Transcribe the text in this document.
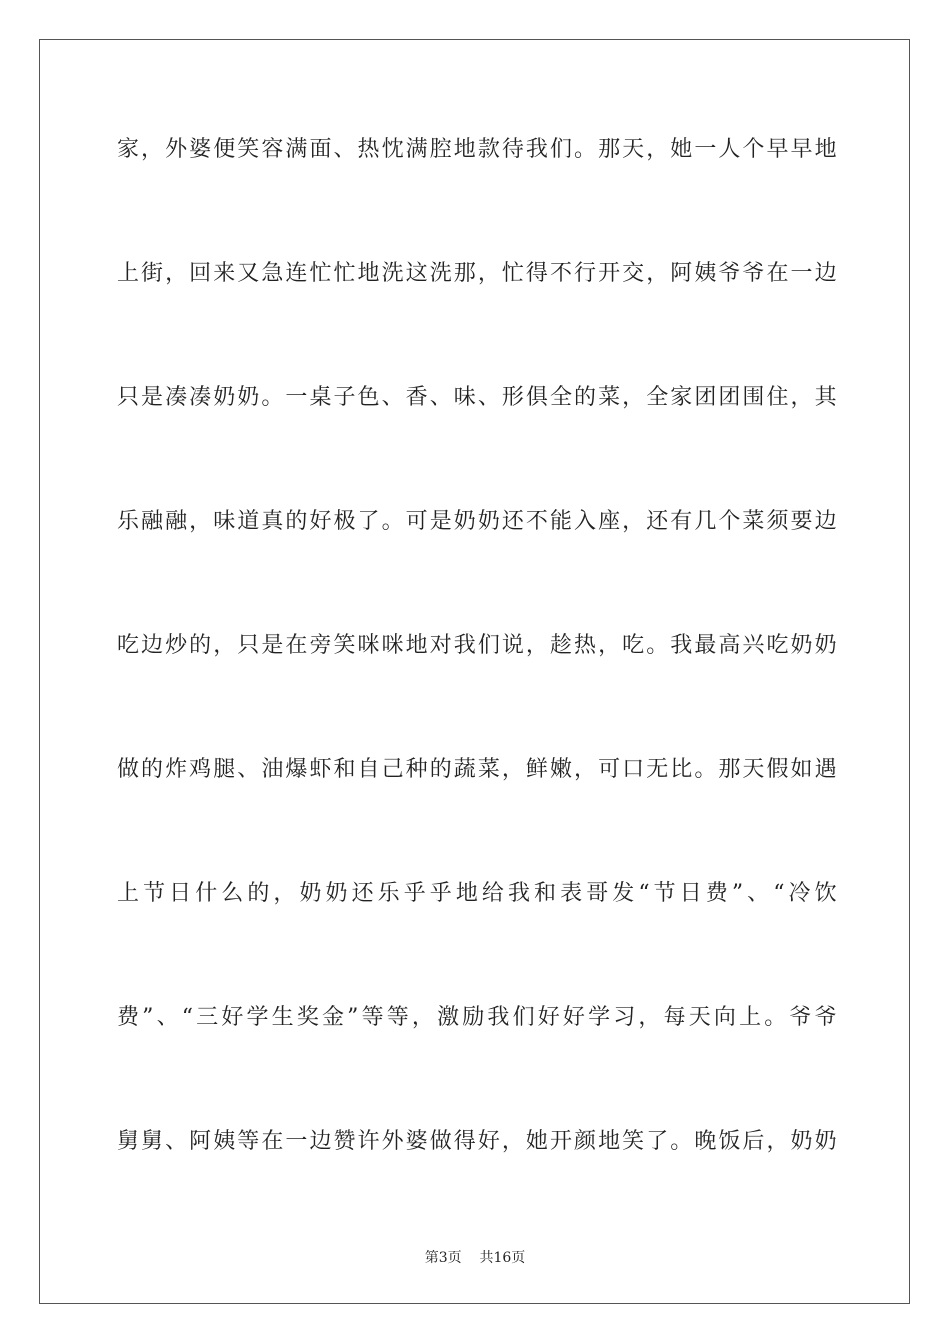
家，外婆便笑容满面、热忱满腔地款待我们。那天，她一人个早早地
上街，回来又急连忙忙地洗这洗那，忙得不行开交，阿姨爷爷在一边
只是凑凑奶奶。一桌子色、香、味、形俱全的菜，全家团团围住，其
乐融融，味道真的好极了。可是奶奶还不能入座，还有几个菜须要边
吃边炒的，只是在旁笑咪咪地对我们说，趁热，吃。我最高兴吃奶奶
做的炸鸡腿、油爆虾和自己种的蔬菜，鲜嫩，可口无比。那天假如遇
上节日什么的，奶奶还乐乎乎地给我和表哥发“节日费”、“冷饮
费”、“三好学生奖金”等等，激励我们好好学习，每天向上。爷爷
舅舅、阿姨等在一边赞许外婆做得好，她开颜地笑了。晚饭后，奶奶
第3页 共16页
